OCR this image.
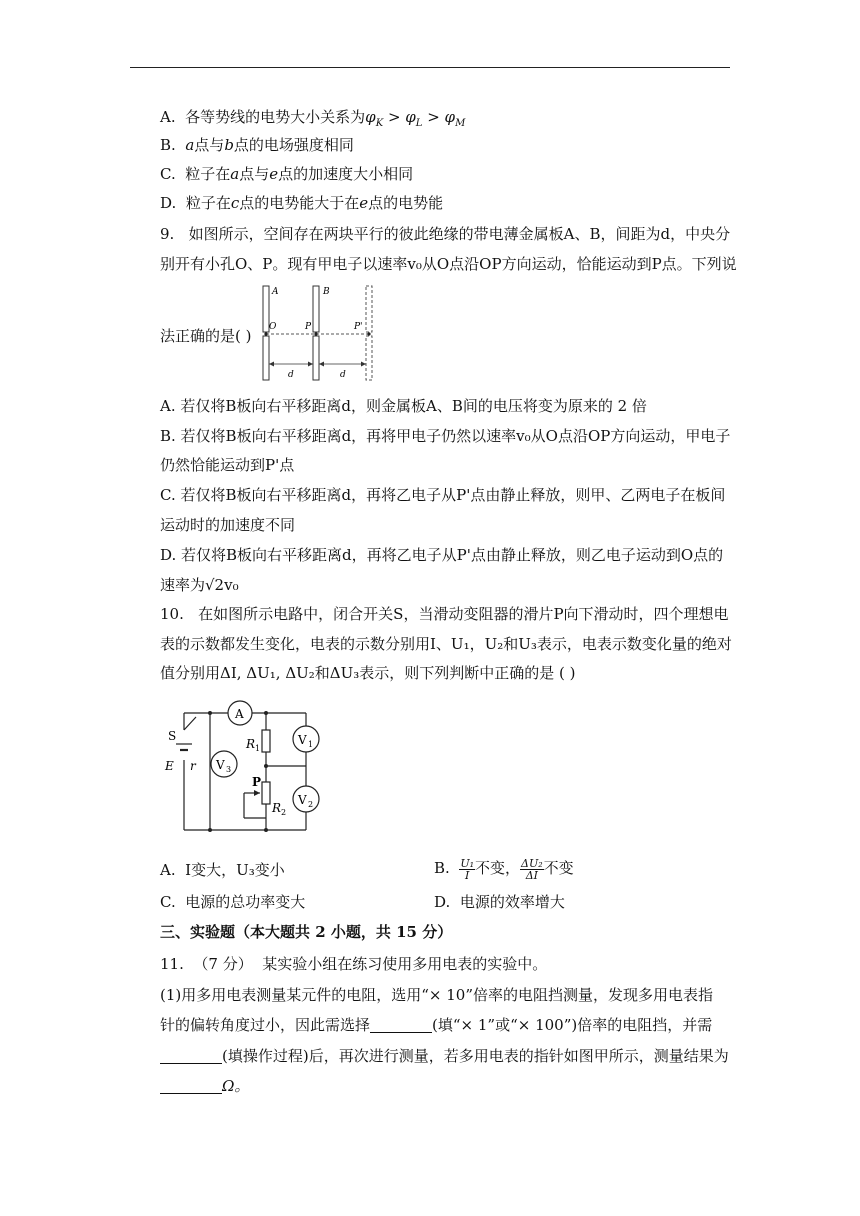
A. 各等势线的电势大小关系为$\varphi_K > \varphi_L > \varphi_M$
B. a点与b点的电场强度相同
C. 粒子在a点与e点的加速度大小相同
D. 粒子在c点的电势能大于在e点的电势能
9. 如图所示，空间存在两块平行的彼此绝缘的带电薄金属板A、B，间距为d，中央分
别开有小孔O、P。现有甲电子以速率v₀从O点沿OP方向运动，恰能运动到P点。下列说
法正确的是( )
A	B
O	P	P'
d	d
A. 若仅将B板向右平移距离d，则金属板A、B间的电压将变为原来的 2 倍
B. 若仅将B板向右平移距离d，再将甲电子仍然以速率v₀从O点沿OP方向运动，甲电子
仍然恰能运动到P'点
C. 若仅将B板向右平移距离d，再将乙电子从P'点由静止释放，则甲、乙两电子在板间
运动时的加速度不同
D. 若仅将B板向右平移距离d，再将乙电子从P'点由静止释放，则乙电子运动到O点的
速率为√2v₀
10. 在如图所示电路中，闭合开关S，当滑动变阻器的滑片P向下滑动时，四个理想电
表的示数都发生变化，电表的示数分别用I、U₁，U₂和U₃表示，电表示数变化量的绝对
值分别用ΔI, ΔU₁, ΔU₂和ΔU₃表示，则下列判断中正确的是 ( )
A
V 1
V 2
V 3
S
E r
R 1
R 2
P
A. I变大，U₃变小	B. $\frac{\text{U₁}}{I}$ 不变， $\frac{\text{ΔU₂}}{\Delta I}$ 不变
C. 电源的总功率变大	D. 电源的效率增大
三、实验题（本大题共 2 小题，共 15 分）
11. （7 分） 某实验小组在练习使用多用电表的实验中。
(1)用多用电表测量某元件的电阻，选用“× 10”倍率的电阻挡测量，发现多用电表指
针的偏转角度过小，因此需选择	(填“× 1”或“× 100”)倍率的电阻挡，并需
(填操作过程)后，再次进行测量，若多用电表的指针如图甲所示，测量结果为
Ω。
